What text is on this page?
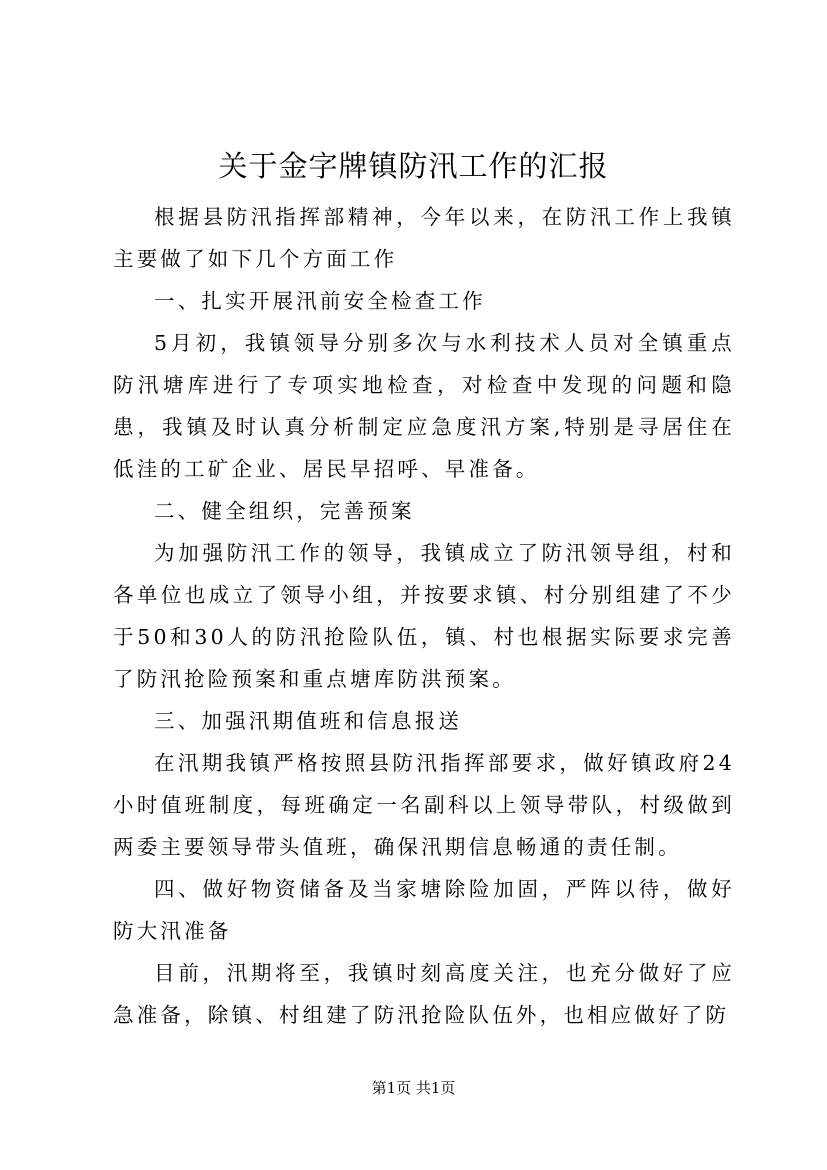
关于金字牌镇防汛工作的汇报

根据县防汛指挥部精神，今年以来，在防汛工作上我镇主要做了如下几个方面工作

一、扎实开展汛前安全检查工作

5月初，我镇领导分别多次与水利技术人员对全镇重点防汛塘库进行了专项实地检查，对检查中发现的问题和隐患，我镇及时认真分析制定应急度汛方案,特别是寻居住在低洼的工矿企业、居民早招呼、早准备。

二、健全组织，完善预案

为加强防汛工作的领导，我镇成立了防汛领导组，村和各单位也成立了领导小组，并按要求镇、村分别组建了不少于50和30人的防汛抢险队伍，镇、村也根据实际要求完善了防汛抢险预案和重点塘库防洪预案。

三、加强汛期值班和信息报送

在汛期我镇严格按照县防汛指挥部要求，做好镇政府24小时值班制度，每班确定一名副科以上领导带队，村级做到两委主要领导带头值班，确保汛期信息畅通的责任制。

四、做好物资储备及当家塘除险加固，严阵以待，做好防大汛准备

目前，汛期将至，我镇时刻高度关注，也充分做好了应急准备，除镇、村组建了防汛抢险队伍外，也相应做好了防

第1页 共1页
